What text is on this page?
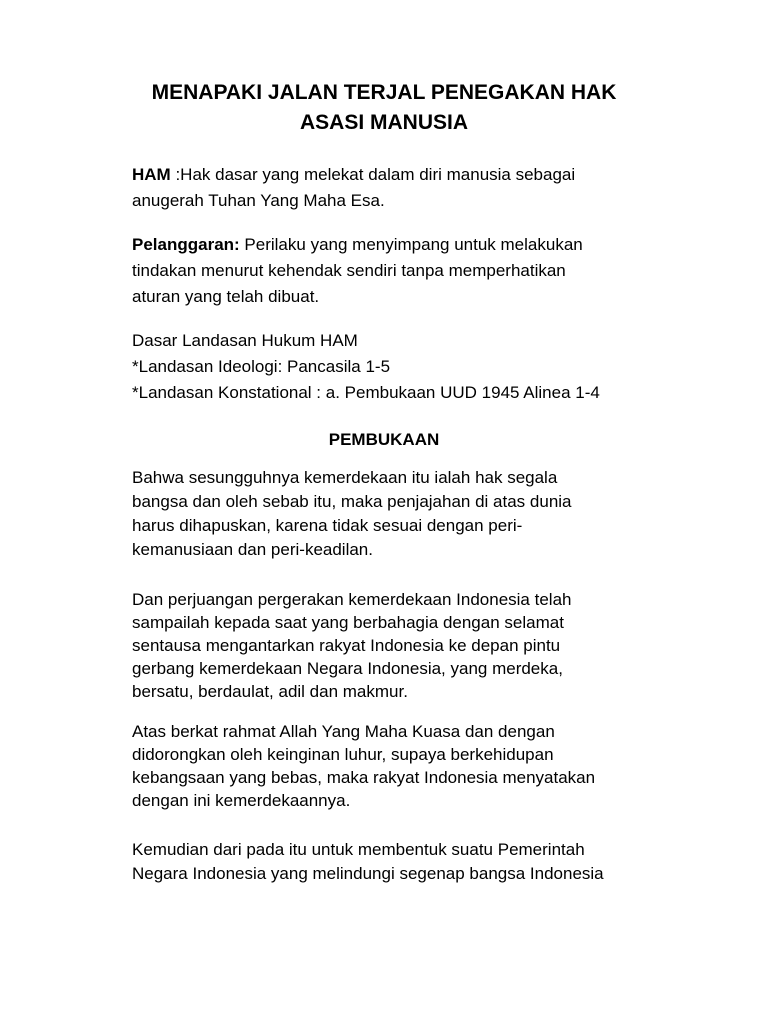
MENAPAKI JALAN TERJAL PENEGAKAN HAK
ASASI MANUSIA
HAM :Hak dasar yang melekat dalam diri manusia sebagai
anugerah Tuhan Yang Maha Esa.
Pelanggaran: Perilaku yang menyimpang untuk melakukan
tindakan menurut kehendak sendiri tanpa memperhatikan
aturan yang telah dibuat.
Dasar Landasan Hukum HAM
*Landasan Ideologi: Pancasila 1-5
*Landasan Konstational : a. Pembukaan UUD 1945 Alinea 1-4
PEMBUKAAN
Bahwa sesungguhnya kemerdekaan itu ialah hak segala
bangsa dan oleh sebab itu, maka penjajahan di atas dunia
harus dihapuskan, karena tidak sesuai dengan peri-
kemanusiaan dan peri-keadilan.
Dan perjuangan pergerakan kemerdekaan Indonesia telah
sampailah kepada saat yang berbahagia dengan selamat
sentausa mengantarkan rakyat Indonesia ke depan pintu
gerbang kemerdekaan Negara Indonesia, yang merdeka,
bersatu, berdaulat, adil dan makmur.
Atas berkat rahmat Allah Yang Maha Kuasa dan dengan
didorongkan oleh keinginan luhur, supaya berkehidupan
kebangsaan yang bebas, maka rakyat Indonesia menyatakan
dengan ini kemerdekaannya.
Kemudian dari pada itu untuk membentuk suatu Pemerintah
Negara Indonesia yang melindungi segenap bangsa Indonesia
